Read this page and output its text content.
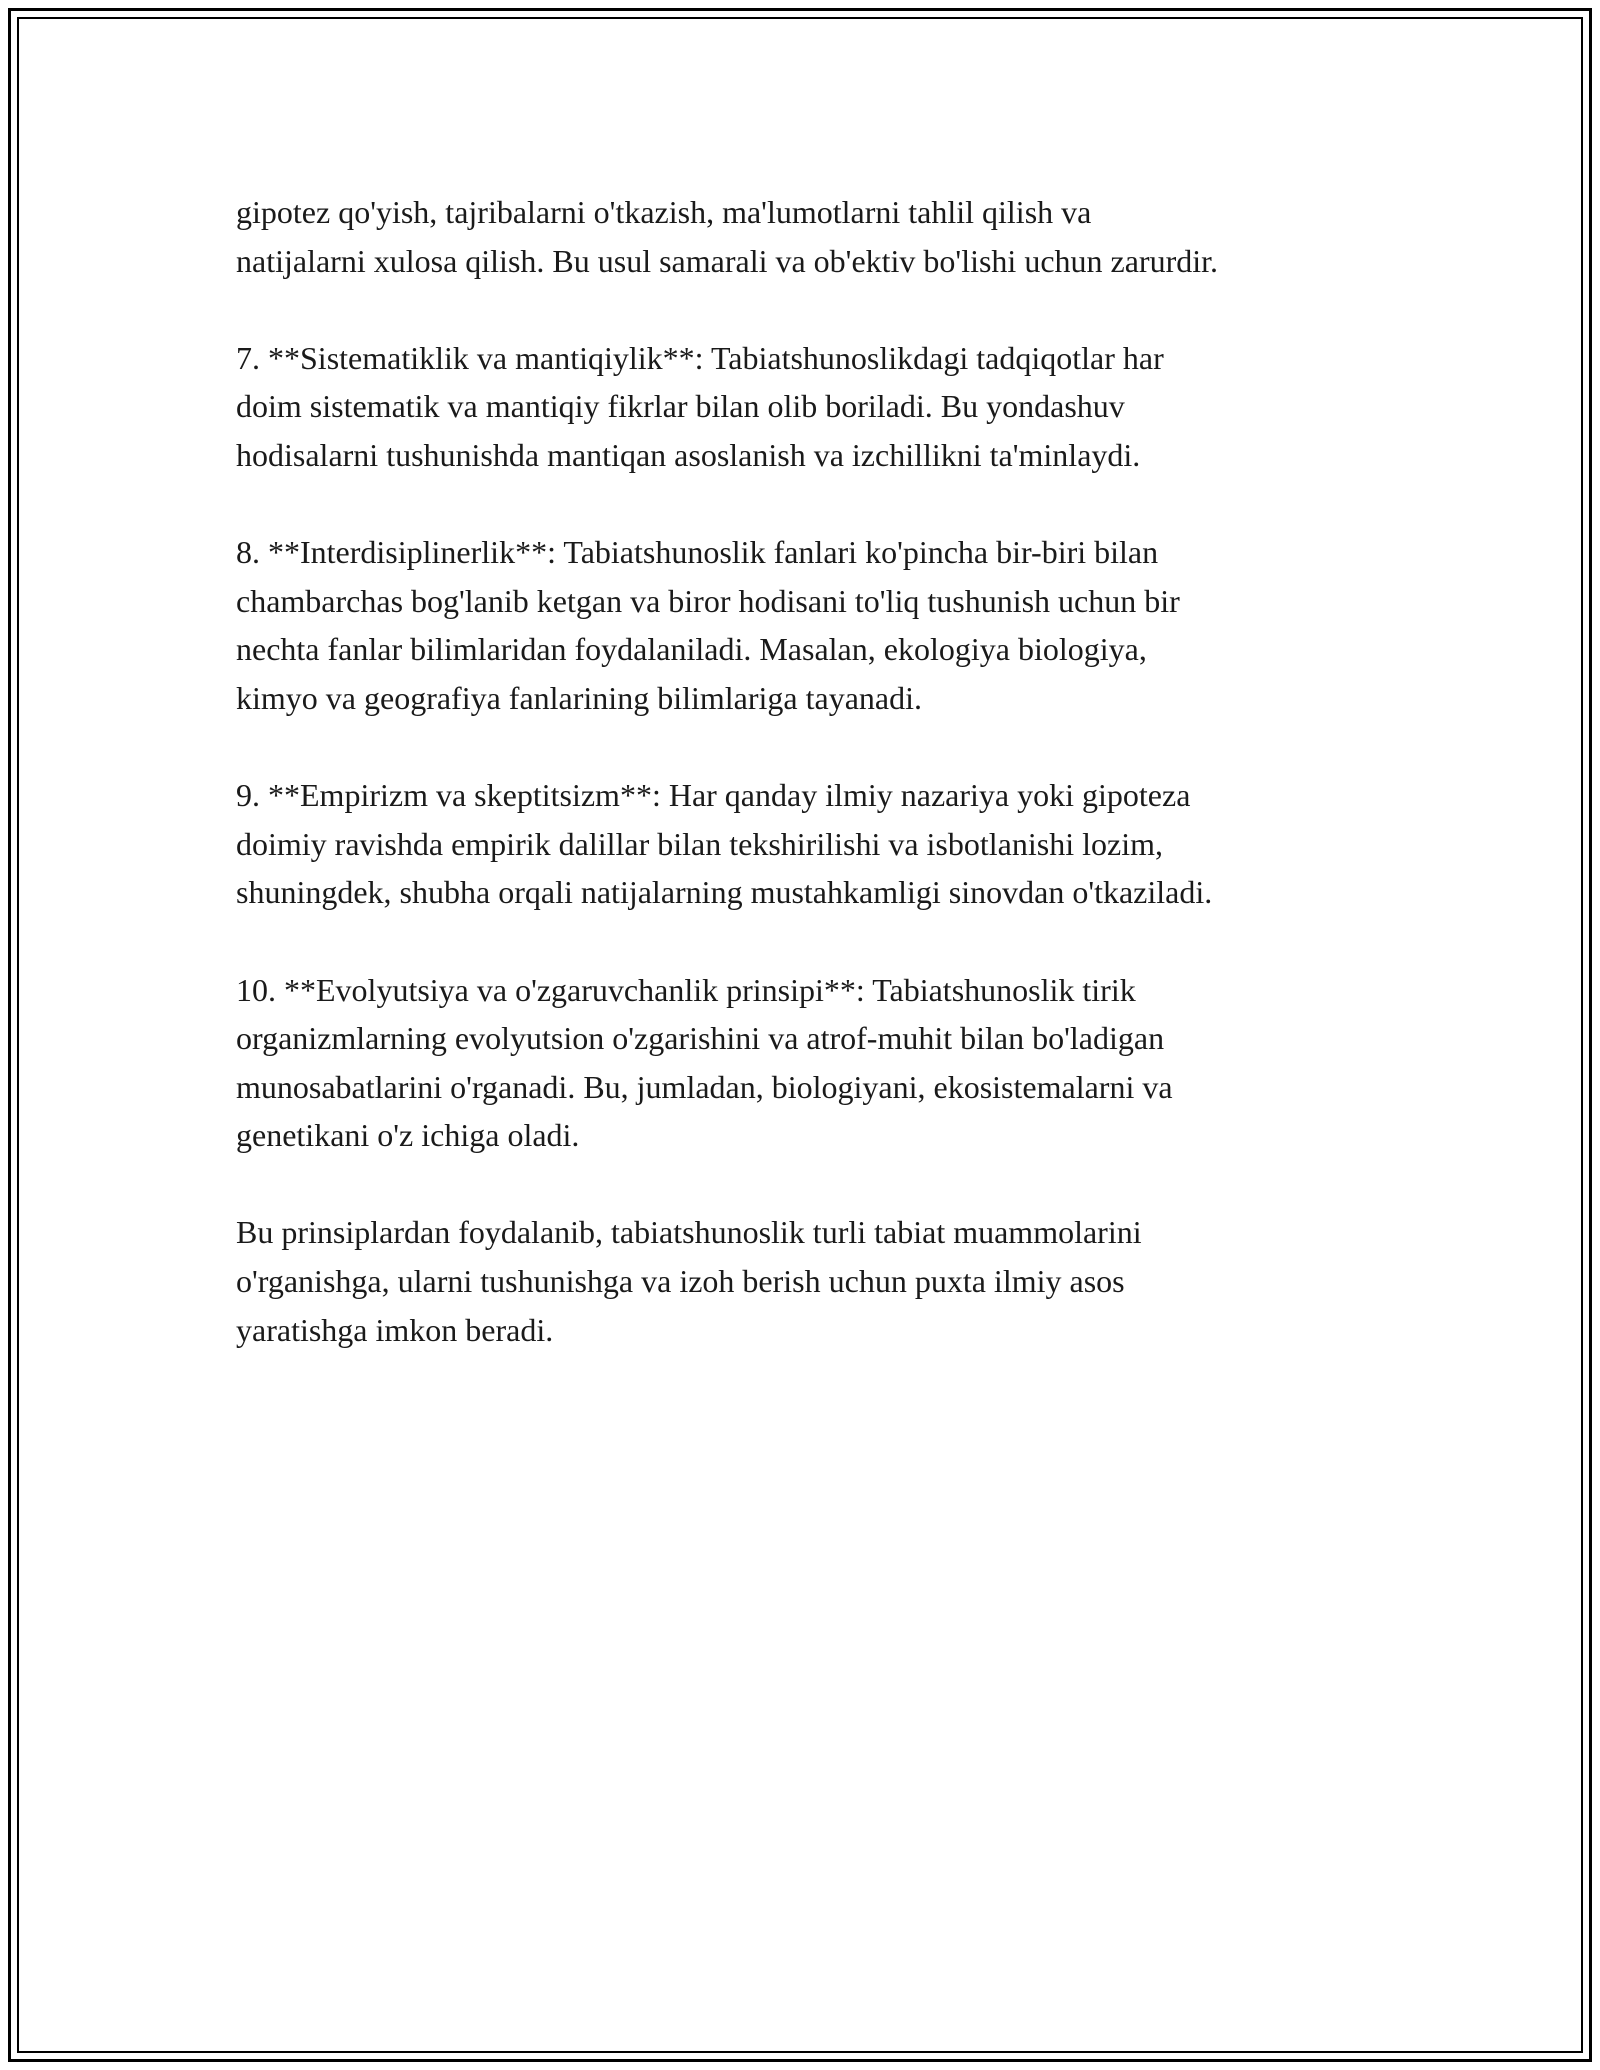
gipotez qo'yish, tajribalarni o'tkazish, ma'lumotlarni tahlil qilish va
natijalarni xulosa qilish. Bu usul samarali va ob'ektiv bo'lishi uchun zarurdir.

7. **Sistematiklik va mantiqiylik**: Tabiatshunoslikdagi tadqiqotlar har
doim sistematik va mantiqiy fikrlar bilan olib boriladi. Bu yondashuv
hodisalarni tushunishda mantiqan asoslanish va izchillikni ta'minlaydi.

8. **Interdisiplinerlik**: Tabiatshunoslik fanlari ko'pincha bir-biri bilan
chambarchas bog'lanib ketgan va biror hodisani to'liq tushunish uchun bir
nechta fanlar bilimlaridan foydalaniladi. Masalan, ekologiya biologiya,
kimyo va geografiya fanlarining bilimlariga tayanadi.

9. **Empirizm va skeptitsizm**: Har qanday ilmiy nazariya yoki gipoteza
doimiy ravishda empirik dalillar bilan tekshirilishi va isbotlanishi lozim,
shuningdek, shubha orqali natijalarning mustahkamligi sinovdan o'tkaziladi.

10. **Evolyutsiya va o'zgaruvchanlik prinsipi**: Tabiatshunoslik tirik
organizmlarning evolyutsion o'zgarishini va atrof-muhit bilan bo'ladigan
munosabatlarini o'rganadi. Bu, jumladan, biologiyani, ekosistemalarni va
genetikani o'z ichiga oladi.

Bu prinsiplardan foydalanib, tabiatshunoslik turli tabiat muammolarini
o'rganishga, ularni tushunishga va izoh berish uchun puxta ilmiy asos
yaratishga imkon beradi.
